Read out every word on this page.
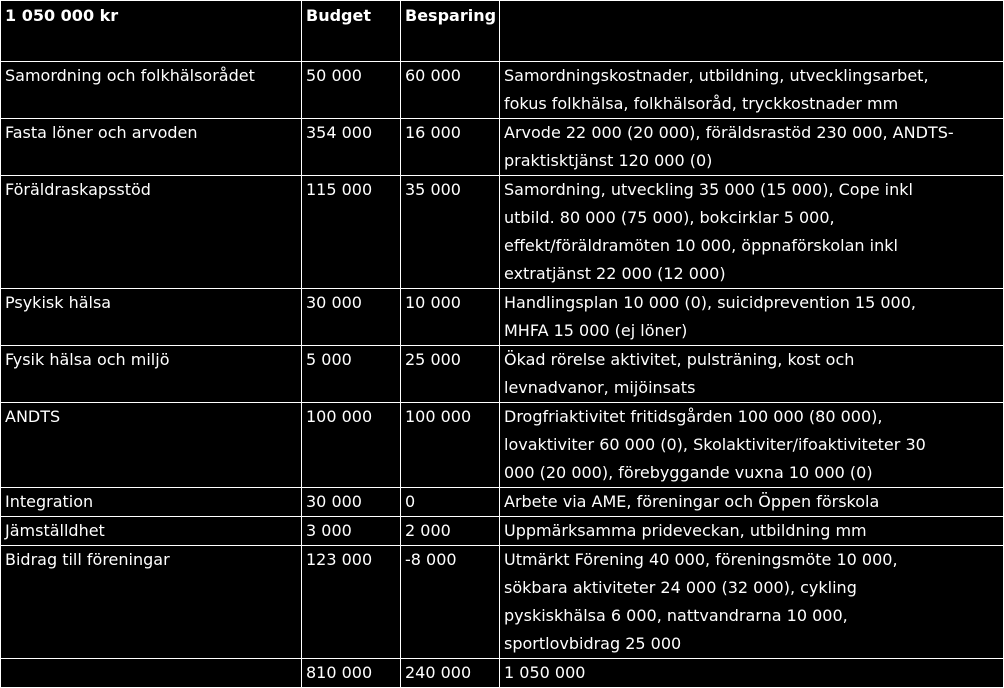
1 050 000 kr	Budget	Besparing	
Samordning och folkhälsorådet	50 000	60 000	Samordningskostnader, utbildning, utvecklingsarbet,
fokus folkhälsa, folkhälsoråd, tryckkostnader mm

Fasta löner och arvoden	354 000	16 000	Arvode 22 000 (20 000), föräldsrastöd 230 000, ANDTS-
praktisktjänst 120 000 (0)

Föräldraskapsstöd	115 000	35 000	Samordning, utveckling 35 000 (15 000), Cope inkl
utbild. 80 000 (75 000), bokcirklar 5 000,
effekt/föräldramöten 10 000, öppnaförskolan inkl
extratjänst 22 000 (12 000)

Psykisk hälsa	30 000	10 000	Handlingsplan 10 000 (0), suicidprevention 15 000,
MHFA 15 000 (ej löner)

Fysik hälsa och miljö	5 000	25 000	Ökad rörelse aktivitet, pulsträning, kost och
levnadvanor, mijöinsats

ANDTS	100 000	100 000	Drogfriaktivitet fritidsgården 100 000 (80 000),
lovaktiviter 60 000 (0), Skolaktiviter/ifoaktiviteter 30
000 (20 000), förebyggande vuxna 10 000 (0)

Integration	30 000	0	Arbete via AME, föreningar och Öppen förskola

Jämställdhet	3 000	2 000	Uppmärksamma prideveckan, utbildning mm

Bidrag till föreningar	123 000	-8 000	Utmärkt Förening 40 000, föreningsmöte 10 000,
sökbara aktiviteter 24 000 (32 000), cykling
pyskiskhälsa 6 000, nattvandrarna 10 000,
sportlovbidrag 25 000

	810 000	240 000	1 050 000
